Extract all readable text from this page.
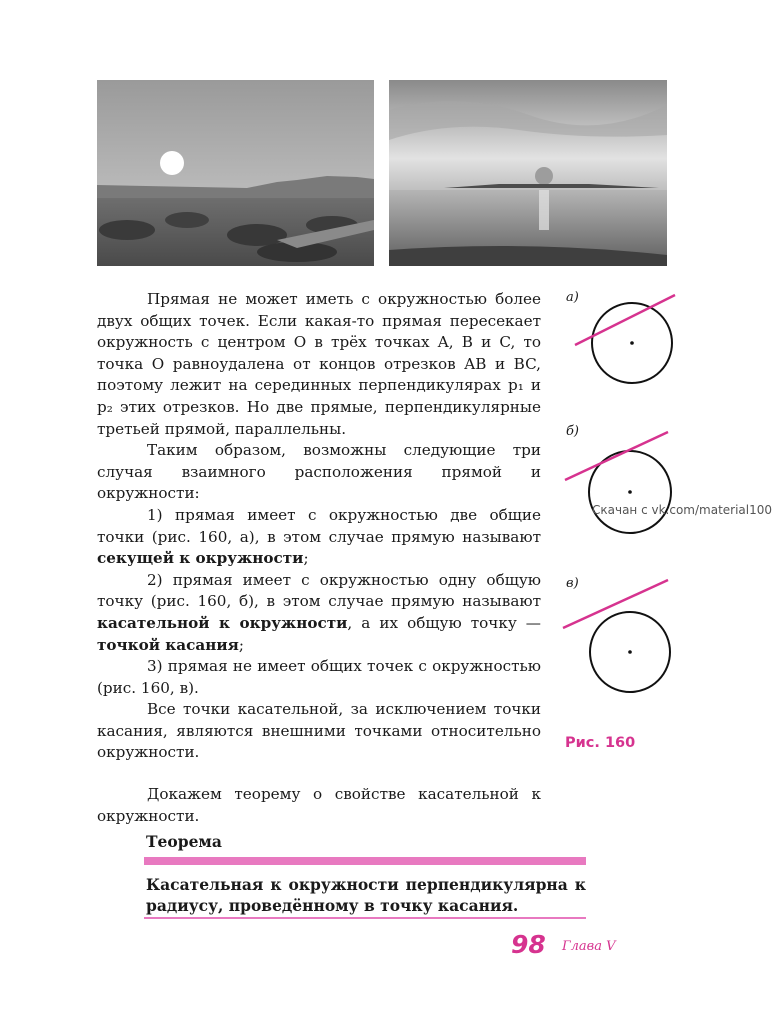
Прямая не может иметь с окружностью более двух общих точек. Если какая-то прямая пересекает окружность с центром O в трёх точках A, B и C, то точка O равноудалена от концов отрезков AB и BC, поэтому лежит на серединных перпендикулярах p₁ и p₂ этих отрезков. Но две прямые, перпендикулярные третьей прямой, параллельны.

Таким образом, возможны следующие три случая взаимного расположения прямой и окружности:

1) прямая имеет с окружностью две общие точки (рис. 160, а), в этом случае прямую называют секущей к окружности;

2) прямая имеет с окружностью одну общую точку (рис. 160, б), в этом случае прямую называют касательной к окружности, а их общую точку — точкой касания;

3) прямая не имеет общих точек с окружностью (рис. 160, в).

Все точки касательной, за исключением точки касания, являются внешними точками относительно окружности.

Докажем теорему о свойстве касательной к окружности.

Теорема
Касательная к окружности перпендикулярна к радиусу, проведённому в точку касания.
а)
б)
в)
Скачан с vk.com/material100
Рис. 160
98 Глава V
